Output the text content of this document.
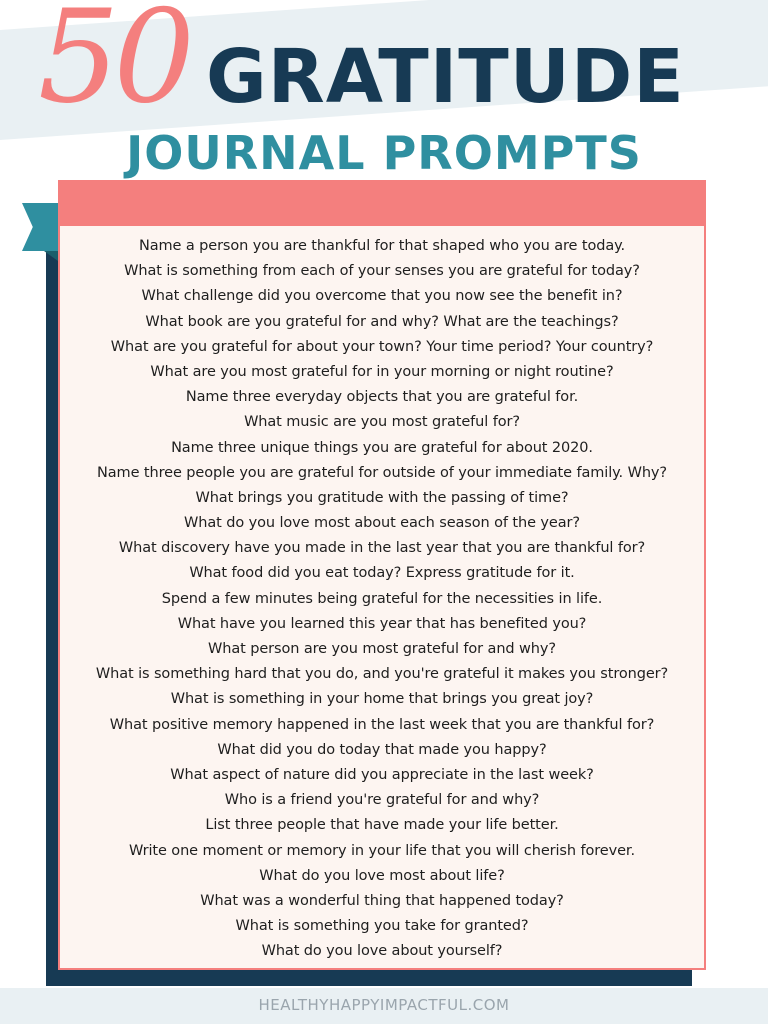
50 GRATITUDE
JOURNAL PROMPTS
Name a person you are thankful for that shaped who you are today.
What is something from each of your senses you are grateful for today?
What challenge did you overcome that you now see the benefit in?
What book are you grateful for and why? What are the teachings?
What are you grateful for about your town? Your time period? Your country?
What are you most grateful for in your morning or night routine?
Name three everyday objects that you are grateful for.
What music are you most grateful for?
Name three unique things you are grateful for about 2020.
Name three people you are grateful for outside of your immediate family. Why?
What brings you gratitude with the passing of time?
What do you love most about each season of the year?
What discovery have you made in the last year that you are thankful for?
What food did you eat today? Express gratitude for it.
Spend a few minutes being grateful for the necessities in life.
What have you learned this year that has benefited you?
What person are you most grateful for and why?
What is something hard that you do, and you're grateful it makes you stronger?
What is something in your home that brings you great joy?
What positive memory happened in the last week that you are thankful for?
What did you do today that made you happy?
What aspect of nature did you appreciate in the last week?
Who is a friend you're grateful for and why?
List three people that have made your life better.
Write one moment or memory in your life that you will cherish forever.
What do you love most about life?
What was a wonderful thing that happened today?
What is something you take for granted?
What do you love about yourself?
HEALTHYHAPPYIMPACTFUL.COM
